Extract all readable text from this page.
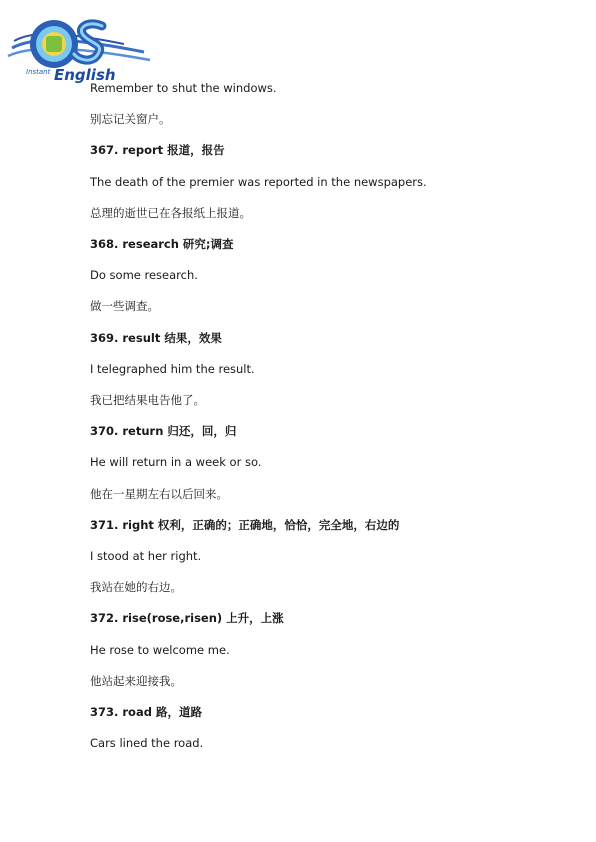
Instant English
Remember to shut the windows.
别忘记关窗户。
367. report 报道，报告
The death of the premier was reported in the newspapers.
总理的逝世已在各报纸上报道。
368. research 研究;调查
Do some research.
做一些调查。
369. result 结果，效果
I telegraphed him the result.
我已把结果电告他了。
370. return 归还，回，归
He will return in a week or so.
他在一星期左右以后回来。
371. right 权利，正确的；正确地，恰恰，完全地，右边的
I stood at her right.
我站在她的右边。
372. rise(rose,risen) 上升，上涨
He rose to welcome me.
他站起来迎接我。
373. road 路，道路
Cars lined the road.
